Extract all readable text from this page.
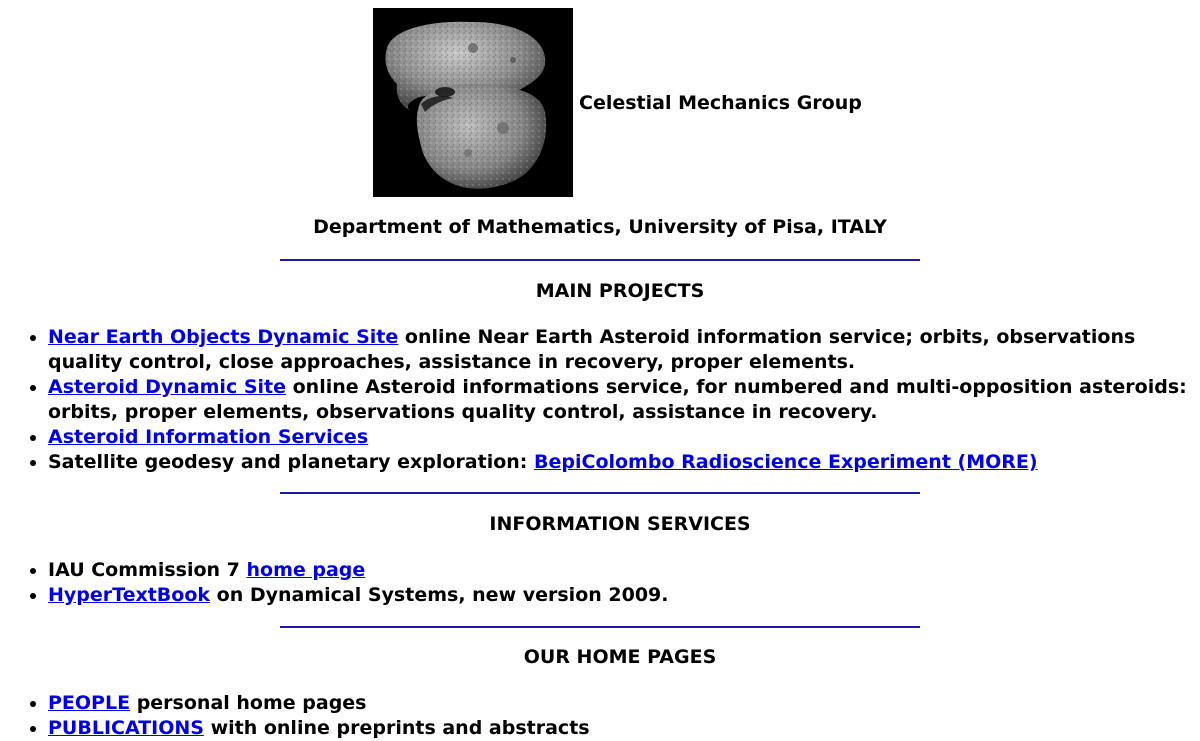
Celestial Mechanics Group
Department of Mathematics, University of Pisa, ITALY
MAIN PROJECTS
• Near Earth Objects Dynamic Site online Near Earth Asteroid information service; orbits, observations quality control, close approaches, assistance in recovery, proper elements.
• Asteroid Dynamic Site online Asteroid informations service, for numbered and multi-opposition asteroids: orbits, proper elements, observations quality control, assistance in recovery.
• Asteroid Information Services
• Satellite geodesy and planetary exploration: BepiColombo Radioscience Experiment (MORE)
INFORMATION SERVICES
• IAU Commission 7 home page
• HyperTextBook on Dynamical Systems, new version 2009.
OUR HOME PAGES
• PEOPLE personal home pages
• PUBLICATIONS with online preprints and abstracts
